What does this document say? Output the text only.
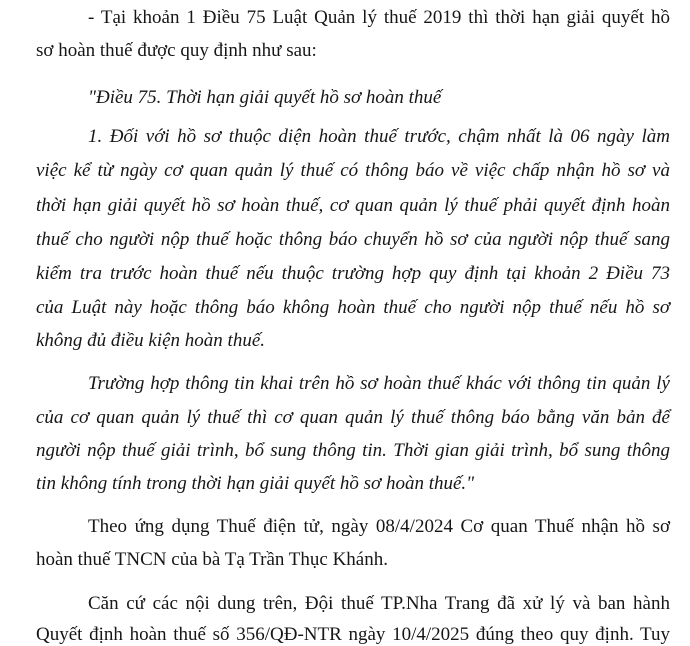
- Tại khoản 1 Điều 75 Luật Quản lý thuế 2019 thì thời hạn giải quyết hồ
sơ hoàn thuế được quy định như sau:
"Điều 75. Thời hạn giải quyết hồ sơ hoàn thuế
1. Đối với hồ sơ thuộc diện hoàn thuế trước, chậm nhất là 06 ngày làm
việc kể từ ngày cơ quan quản lý thuế có thông báo về việc chấp nhận hồ sơ và
thời hạn giải quyết hồ sơ hoàn thuế, cơ quan quản lý thuế phải quyết định hoàn
thuế cho người nộp thuế hoặc thông báo chuyển hồ sơ của người nộp thuế sang
kiểm tra trước hoàn thuế nếu thuộc trường hợp quy định tại khoản 2 Điều 73
của Luật này hoặc thông báo không hoàn thuế cho người nộp thuế nếu hồ sơ
không đủ điều kiện hoàn thuế.
Trường hợp thông tin khai trên hồ sơ hoàn thuế khác với thông tin quản lý
của cơ quan quản lý thuế thì cơ quan quản lý thuế thông báo bằng văn bản để
người nộp thuế giải trình, bổ sung thông tin. Thời gian giải trình, bổ sung thông
tin không tính trong thời hạn giải quyết hồ sơ hoàn thuế."
Theo ứng dụng Thuế điện tử, ngày 08/4/2024 Cơ quan Thuế nhận hồ sơ
hoàn thuế TNCN của bà Tạ Trần Thục Khánh.
Căn cứ các nội dung trên, Đội thuế TP.Nha Trang đã xử lý và ban hành
Quyết định hoàn thuế số 356/QĐ-NTR ngày 10/4/2025 đúng theo quy định. Tuy
